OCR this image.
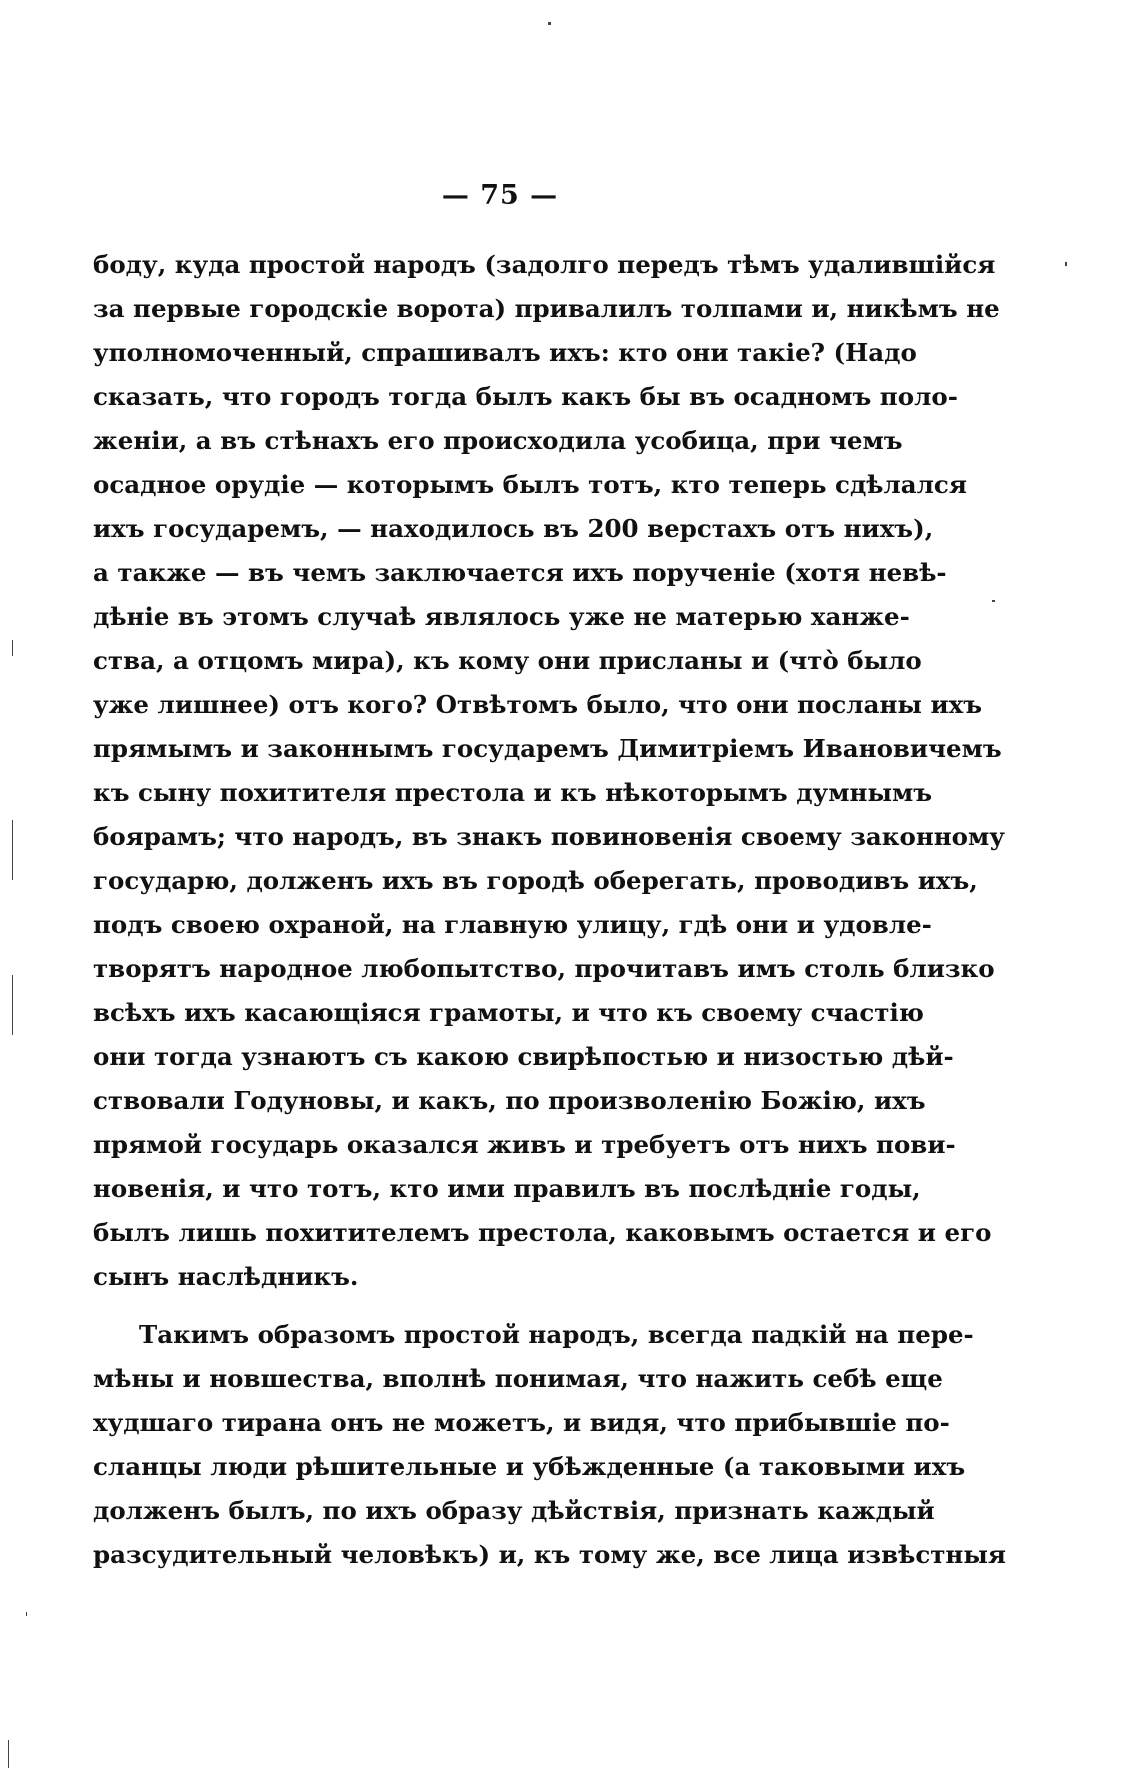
— 75 —
боду, куда простой народъ (задолго передъ тѣмъ удалившійся
за первые городскіе ворота) привалилъ толпами и, никѣмъ не
уполномоченный, спрашивалъ ихъ: кто они такіе? (Надо
сказать, что городъ тогда былъ какъ бы въ осадномъ поло-
женіи, а въ стѣнахъ его происходила усобица, при чемъ
осадное орудіе — которымъ былъ тотъ, кто теперь сдѣлался
ихъ государемъ, — находилось въ 200 верстахъ отъ нихъ),
а также — въ чемъ заключается ихъ порученіе (хотя невѣ-
дѣніе въ этомъ случаѣ являлось уже не матерью ханже-
ства, а отцомъ мира), къ кому они присланы и (что̀ было
уже лишнее) отъ кого? Отвѣтомъ было, что они посланы ихъ
прямымъ и законнымъ государемъ Димитріемъ Ивановичемъ
къ сыну похитителя престола и къ нѣкоторымъ думнымъ
боярамъ; что народъ, въ знакъ повиновенія своему законному
государю, долженъ ихъ въ городѣ оберегать, проводивъ ихъ,
подъ своею охраной, на главную улицу, гдѣ они и удовле-
творятъ народное любопытство, прочитавъ имъ столь близко
всѣхъ ихъ касающіяся грамоты, и что къ своему счастію
они тогда узнаютъ съ какою свирѣпостью и низостью дѣй-
ствовали Годуновы, и какъ, по произволенію Божію, ихъ
прямой государь оказался живъ и требуетъ отъ нихъ пови-
новенія, и что тотъ, кто ими правилъ въ послѣдніе годы,
былъ лишь похитителемъ престола, каковымъ остается и его
сынъ наслѣдникъ.
Такимъ образомъ простой народъ, всегда падкій на пере-
мѣны и новшества, вполнѣ понимая, что нажить себѣ еще
худшаго тирана онъ не можетъ, и видя, что прибывшіе по-
сланцы люди рѣшительные и убѣжденные (а таковыми ихъ
долженъ былъ, по ихъ образу дѣйствія, признать каждый
разсудительный человѣкъ) и, къ тому же, все лица извѣстныя
